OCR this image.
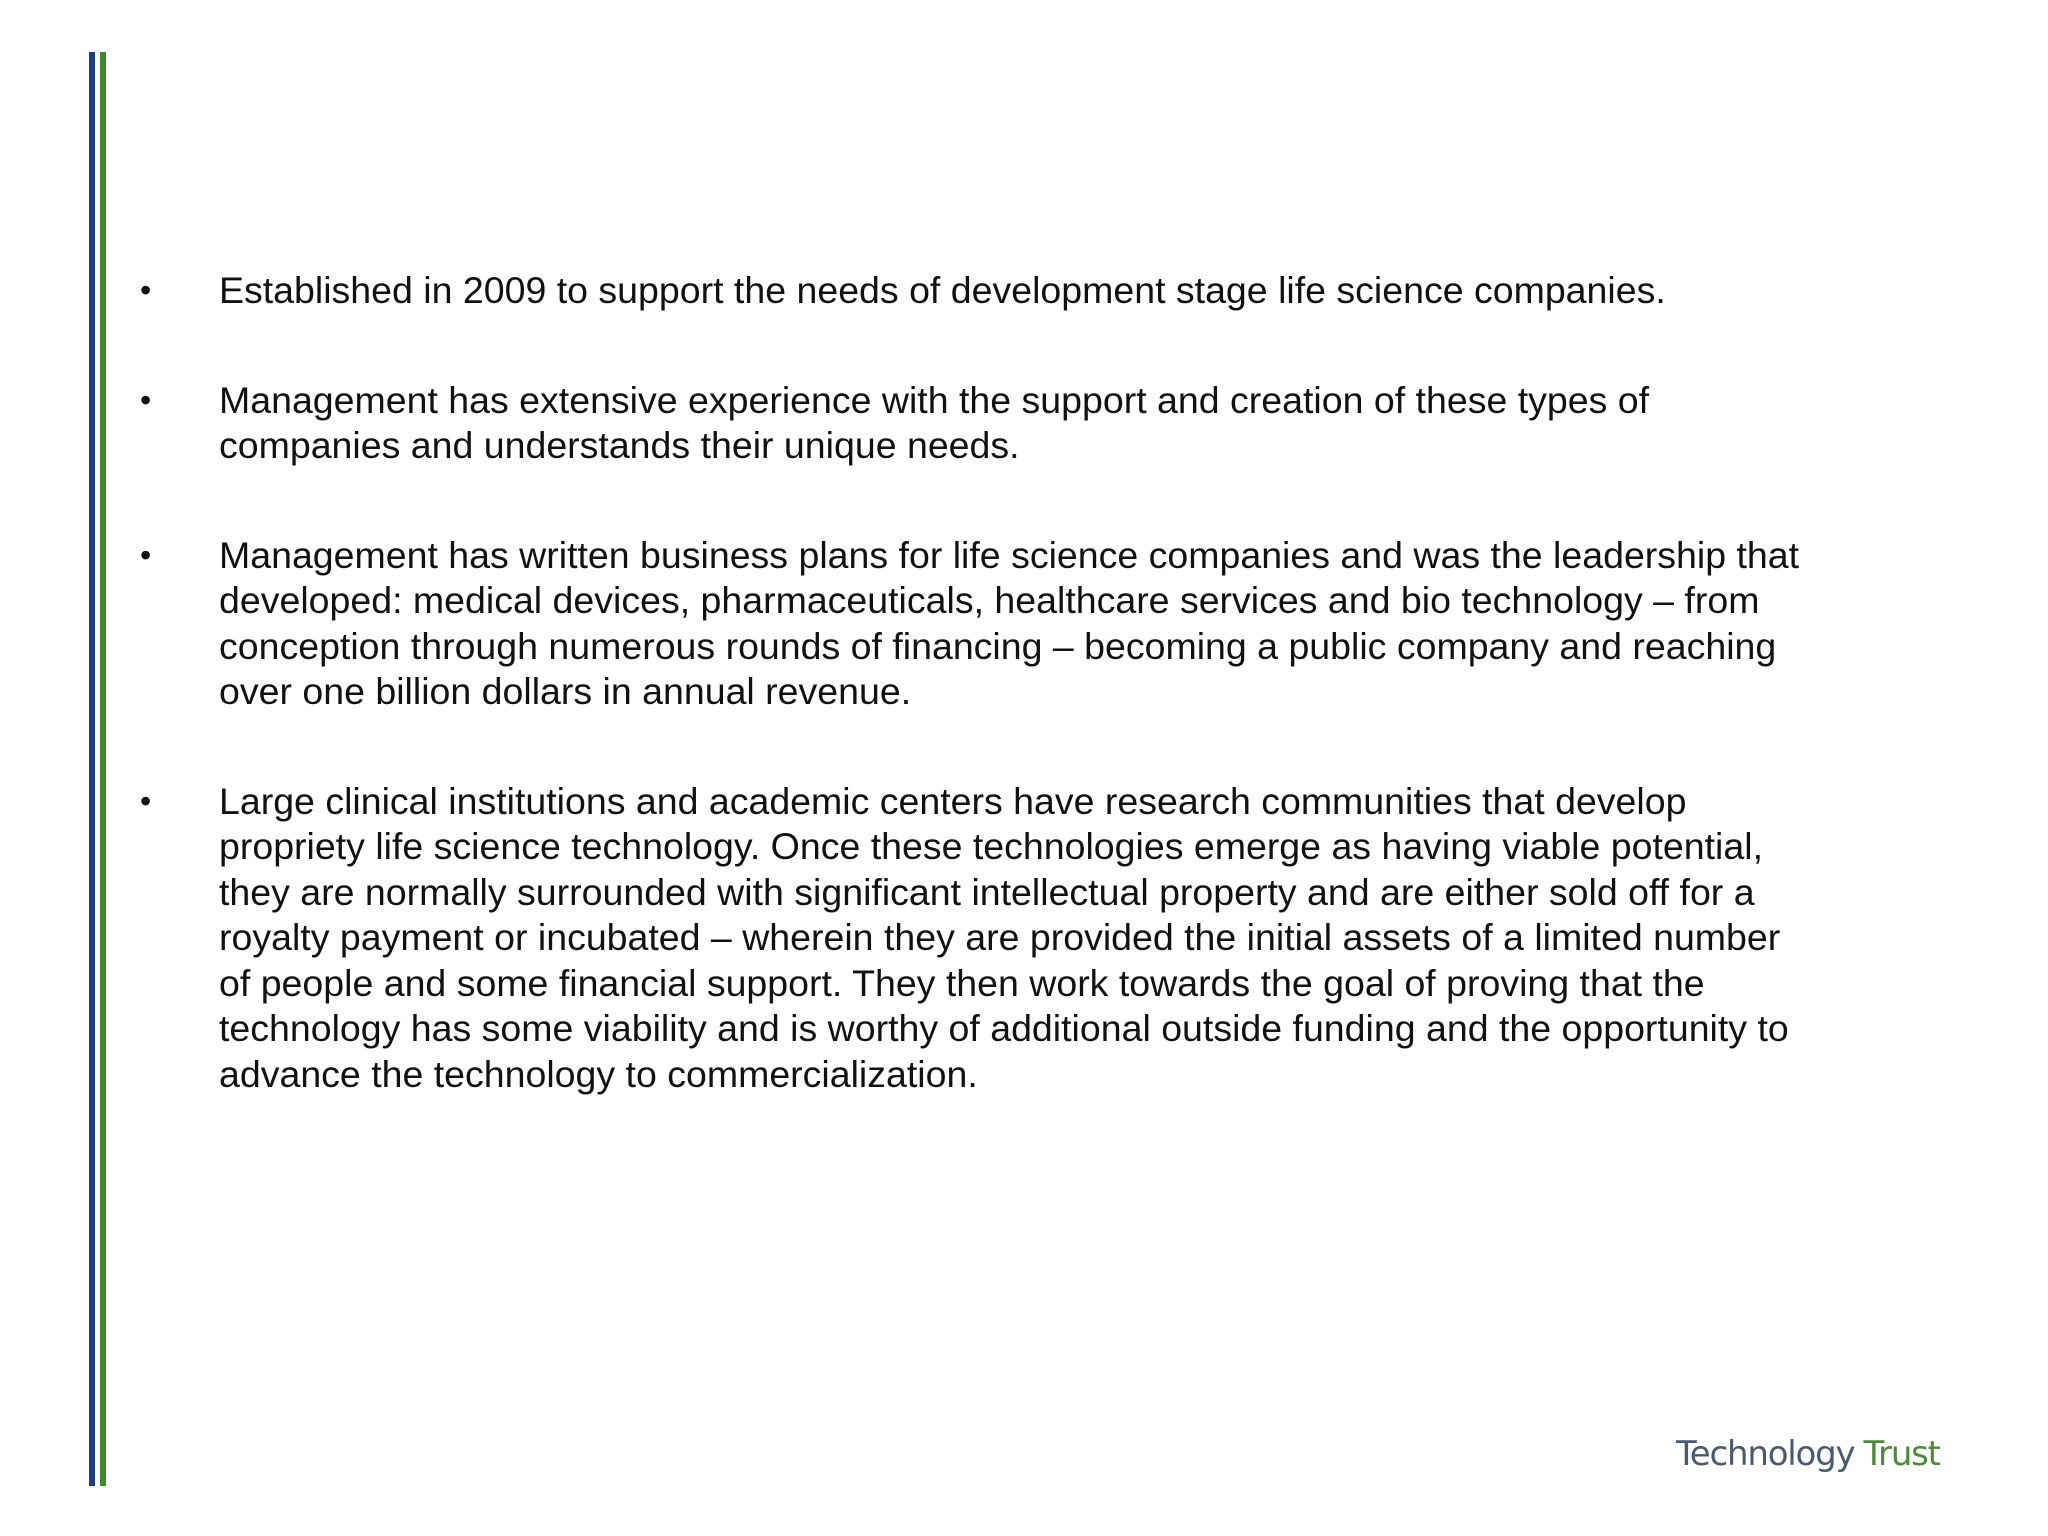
• Established in 2009 to support the needs of development stage life science companies.
• Management has extensive experience with the support and creation of these types of
companies and understands their unique needs.
• Management has written business plans for life science companies and was the leadership that
developed: medical devices, pharmaceuticals, healthcare services and bio technology – from
conception through numerous rounds of financing – becoming a public company and reaching
over one billion dollars in annual revenue.
• Large clinical institutions and academic centers have research communities that develop
propriety life science technology. Once these technologies emerge as having viable potential,
they are normally surrounded with significant intellectual property and are either sold off for a
royalty payment or incubated – wherein they are provided the initial assets of a limited number
of people and some financial support. They then work towards the goal of proving that the
technology has some viability and is worthy of additional outside funding and the opportunity to
advance the technology to commercialization.
Technology Trust
